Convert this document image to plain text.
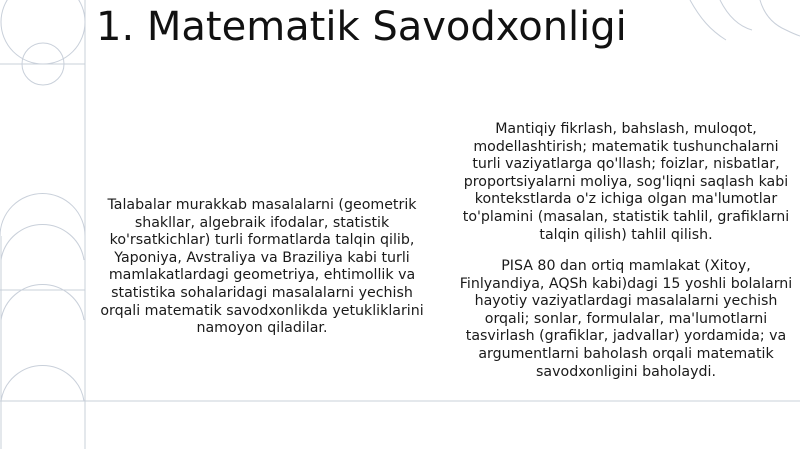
1. Matematik Savodxonligi

Talabalar murakkab masalalarni (geometrik shakllar, algebraik ifodalar, statistik ko'rsatkichlar) turli formatlarda talqin qilib, Yaponiya, Avstraliya va Braziliya kabi turli mamlakatlardagi geometriya, ehtimollik va statistika sohalaridagi masalalarni yechish orqali matematik savodxonlikda yetukliklarini namoyon qiladilar.

Mantiqiy fikrlash, bahslash, muloqot, modellashtirish; matematik tushunchalarni turli vaziyatlarga qo'llash; foizlar, nisbatlar, proportsiyalarni moliya, sog'liqni saqlash kabi kontekstlarda o'z ichiga olgan ma'lumotlar to'plamini (masalan, statistik tahlil, grafiklarni talqin qilish) tahlil qilish.

PISA 80 dan ortiq mamlakat (Xitoy, Finlyandiya, AQSh kabi)dagi 15 yoshli bolalarni hayotiy vaziyatlardagi masalalarni yechish orqali; sonlar, formulalar, ma'lumotlarni tasvirlash (grafiklar, jadvallar) yordamida; va argumentlarni baholash orqali matematik savodxonligini baholaydi.
